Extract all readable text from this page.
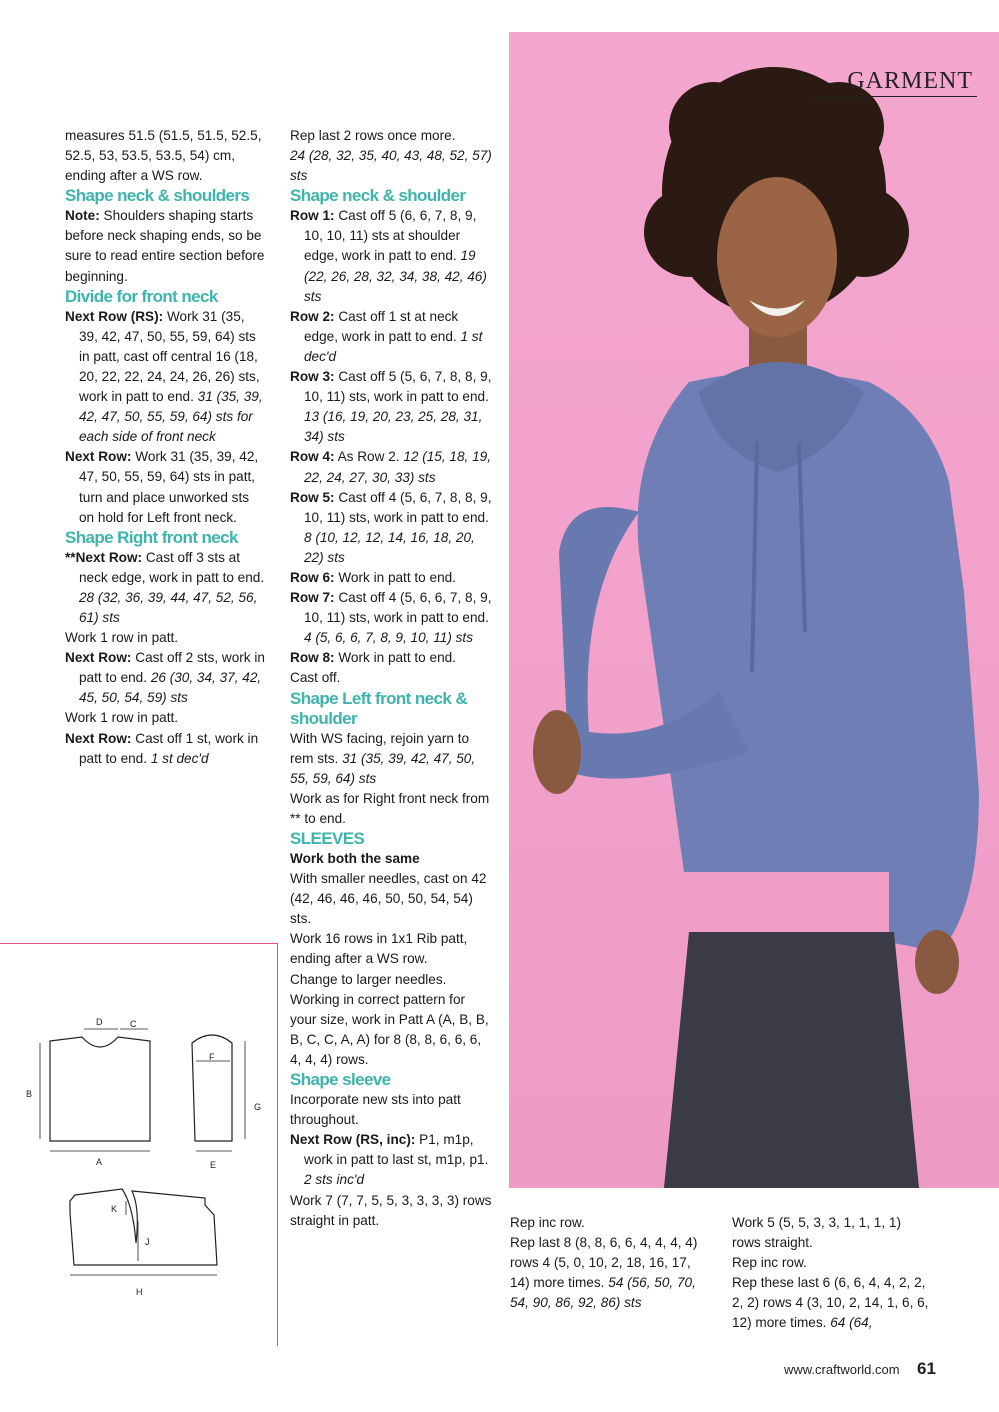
measures 51.5 (51.5, 51.5, 52.5, 52.5, 53, 53.5, 53.5, 54) cm, ending after a WS row.

Shape neck & shoulders

Note: Shoulders shaping starts before neck shaping ends, so be sure to read entire section before beginning.

Divide for front neck

Next Row (RS): Work 31 (35, 39, 42, 47, 50, 55, 59, 64) sts in patt, cast off central 16 (18, 20, 22, 22, 24, 24, 26, 26) sts, work in patt to end. 31 (35, 39, 42, 47, 50, 55, 59, 64) sts for each side of front neck

Next Row: Work 31 (35, 39, 42, 47, 50, 55, 59, 64) sts in patt, turn and place unworked sts on hold for Left front neck.

Shape Right front neck

**Next Row: Cast off 3 sts at neck edge, work in patt to end. 28 (32, 36, 39, 44, 47, 52, 56, 61) sts

Work 1 row in patt.

Next Row: Cast off 2 sts, work in patt to end. 26 (30, 34, 37, 42, 45, 50, 54, 59) sts

Work 1 row in patt.

Next Row: Cast off 1 st, work in patt to end. 1 st dec'd

Rep last 2 rows once more.

24 (28, 32, 35, 40, 43, 48, 52, 57) sts

Shape neck & shoulder

Row 1: Cast off 5 (6, 6, 7, 8, 9, 10, 10, 11) sts at shoulder edge, work in patt to end. 19 (22, 26, 28, 32, 34, 38, 42, 46) sts

Row 2: Cast off 1 st at neck edge, work in patt to end. 1 st dec'd

Row 3: Cast off 5 (5, 6, 7, 8, 8, 9, 10, 11) sts, work in patt to end. 13 (16, 19, 20, 23, 25, 28, 31, 34) sts

Row 4: As Row 2. 12 (15, 18, 19, 22, 24, 27, 30, 33) sts

Row 5: Cast off 4 (5, 6, 7, 8, 8, 9, 10, 11) sts, work in patt to end. 8 (10, 12, 12, 14, 16, 18, 20, 22) sts

Row 6: Work in patt to end.

Row 7: Cast off 4 (5, 6, 6, 7, 8, 9, 10, 11) sts, work in patt to end. 4 (5, 6, 6, 7, 8, 9, 10, 11) sts

Row 8: Work in patt to end.

Cast off.

Shape Left front neck & shoulder

With WS facing, rejoin yarn to rem sts. 31 (35, 39, 42, 47, 50, 55, 59, 64) sts

Work as for Right front neck from ** to end.

SLEEVES

Work both the same

With smaller needles, cast on 42 (42, 46, 46, 46, 50, 50, 54, 54) sts.

Work 16 rows in 1x1 Rib patt, ending after a WS row.

Change to larger needles.

Working in correct pattern for your size, work in Patt A (A, B, B, B, C, C, A, A) for 8 (8, 8, 6, 6, 6, 4, 4, 4) rows.

Shape sleeve

Incorporate new sts into patt throughout.

Next Row (RS, inc): P1, m1p, work in patt to last st, m1p, p1. 2 sts inc'd

Work 7 (7, 7, 5, 5, 3, 3, 3, 3) rows straight in patt.	Rep inc row.

Rep last 8 (8, 8, 6, 6, 4, 4, 4, 4) rows 4 (5, 0, 10, 2, 18, 16, 17, 14) more times. 54 (56, 50, 70, 54, 90, 86, 92, 86) sts

Work 5 (5, 5, 3, 3, 1, 1, 1, 1) rows straight.

Rep inc row.

Rep these last 6 (6, 6, 4, 4, 2, 2, 2, 2) rows 4 (3, 10, 2, 14, 1, 6, 6, 12) more times. 64 (64,

GARMENT
B
A
D	C
F
G
E
H
J
K
www.craftworld.com 61
